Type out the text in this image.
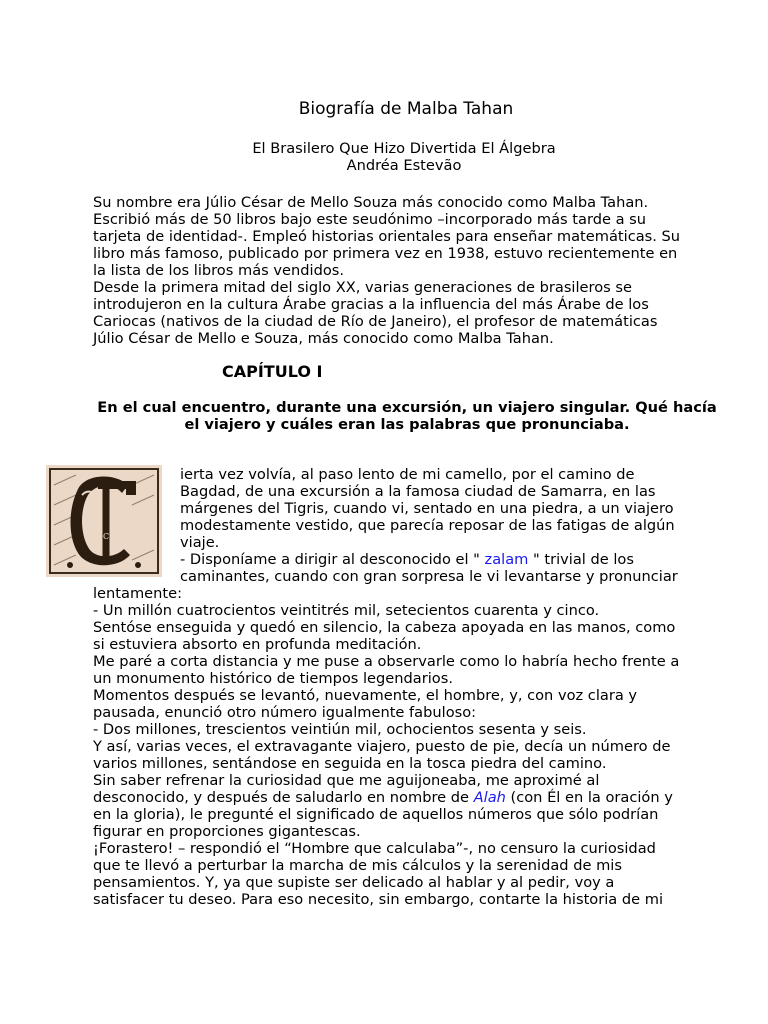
Biografía de Malba Tahan
El Brasilero Que Hizo Divertida El Álgebra
Andréa Estevão
Su nombre era Júlio César de Mello Souza más conocido como Malba Tahan.
Escribió más de 50 libros bajo este seudónimo –incorporado más tarde a su
tarjeta de identidad-. Empleó historias orientales para enseñar matemáticas. Su
libro más famoso, publicado por primera vez en 1938, estuvo recientemente en
la lista de los libros más vendidos.
Desde la primera mitad del siglo XX, varias generaciones de brasileros se
introdujeron en la cultura Árabe gracias a la influencia del más Árabe de los
Cariocas (nativos de la ciudad de Río de Janeiro), el profesor de matemáticas
Júlio César de Mello e Souza, más conocido como Malba Tahan.
CAPÍTULO I
En el cual encuentro, durante una excursión, un viajero singular. Qué hacía el viajero y cuáles eran las palabras que pronunciaba.
C
ierta vez volvía, al paso lento de mi camello, por el camino de
Bagdad, de una excursión a la famosa ciudad de Samarra, en las
márgenes del Tigris, cuando vi, sentado en una piedra, a un viajero
modestamente vestido, que parecía reposar de las fatigas de algún
viaje.
- Disponíame a dirigir al desconocido el " zalam " trivial de los
caminantes, cuando con gran sorpresa le vi levantarse y pronunciar
lentamente:
- Un millón cuatrocientos veintitrés mil, setecientos cuarenta y cinco.
Sentóse enseguida y quedó en silencio, la cabeza apoyada en las manos, como
si estuviera absorto en profunda meditación.
Me paré a corta distancia y me puse a observarle como lo habría hecho frente a
un monumento histórico de tiempos legendarios.
Momentos después se levantó, nuevamente, el hombre, y, con voz clara y
pausada, enunció otro número igualmente fabuloso:
- Dos millones, trescientos veintiún mil, ochocientos sesenta y seis.
Y así, varias veces, el extravagante viajero, puesto de pie, decía un número de
varios millones, sentándose en seguida en la tosca piedra del camino.
Sin saber refrenar la curiosidad que me aguijoneaba, me aproximé al
desconocido, y después de saludarlo en nombre de Alah (con Él en la oración y
en la gloria), le pregunté el significado de aquellos números que sólo podrían
figurar en proporciones gigantescas.
¡Forastero! – respondió el “Hombre que calculaba”-, no censuro la curiosidad
que te llevó a perturbar la marcha de mis cálculos y la serenidad de mis
pensamientos. Y, ya que supiste ser delicado al hablar y al pedir, voy a
satisfacer tu deseo. Para eso necesito, sin embargo, contarte la historia de mi
